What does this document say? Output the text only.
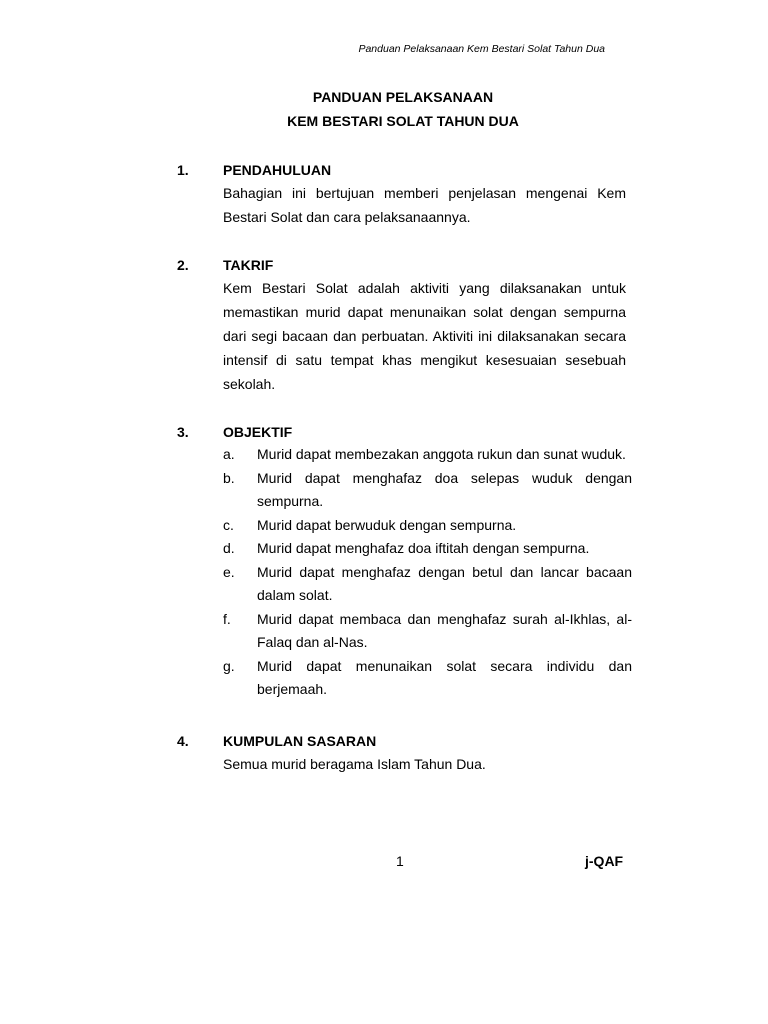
Panduan Pelaksanaan Kem Bestari Solat Tahun Dua
PANDUAN PELAKSANAAN
KEM BESTARI SOLAT TAHUN DUA
1. PENDAHULUAN
Bahagian ini bertujuan memberi penjelasan mengenai Kem Bestari Solat dan cara pelaksanaannya.
2. TAKRIF
Kem Bestari Solat adalah aktiviti yang dilaksanakan untuk memastikan murid dapat menunaikan solat dengan sempurna dari segi bacaan dan perbuatan. Aktiviti ini dilaksanakan secara intensif di satu tempat khas mengikut kesesuaian sesebuah sekolah.
3. OBJEKTIF
a. Murid dapat membezakan anggota rukun dan sunat wuduk.
b. Murid dapat menghafaz doa selepas wuduk dengan sempurna.
c. Murid dapat berwuduk dengan sempurna.
d. Murid dapat menghafaz doa iftitah dengan sempurna.
e. Murid dapat menghafaz dengan betul dan lancar bacaan dalam solat.
f. Murid dapat membaca dan menghafaz surah al-Ikhlas, al-Falaq dan al-Nas.
g. Murid dapat menunaikan solat secara individu dan berjemaah.
4. KUMPULAN SASARAN
Semua murid beragama Islam Tahun Dua.
1	j-QAF
